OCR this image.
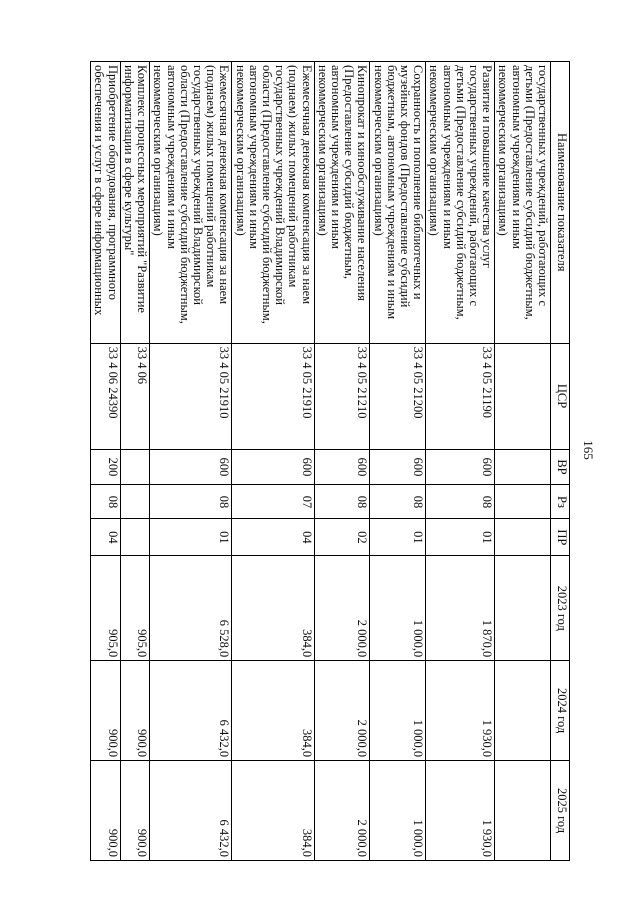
165
Наименование показателя	ЦСР	ВР	Рз	ПР	2023 год	2024 год	2025 год
государственных учреждений, работающих с детьми (Предоставление субсидий бюджетным, автономным учреждениям и иным некоммерческим организациям)							
Развитие и повышение качества услуг государственных учреждений, работающих с детьми (Предоставление субсидий бюджетным, автономным учреждениям и иным некоммерческим организациям)	33 4 05 21190	600	08	01	1 870,0	1 930,0	1 930,0
Сохранность и пополнение библиотечных и музейных фондов (Предоставление субсидий бюджетным, автономным учреждениям и иным некоммерческим организациям)	33 4 05 21200	600	08	01	1 000,0	1 000,0	1 000,0
Кинопрокат и кинообслуживание населения (Предоставление субсидий бюджетным, автономным учреждениям и иным некоммерческим организациям)	33 4 05 21210	600	08	02	2 000,0	2 000,0	2 000,0
Ежемесячная денежная компенсация за наем (поднаем) жилых помещений работникам государственных учреждений Владимирской области (Предоставление субсидий бюджетным, автономным учреждениям и иным некоммерческим организациям)	33 4 05 21910	600	07	04	384,0	384,0	384,0
Ежемесячная денежная компенсация за наем (поднаем) жилых помещений работникам государственных учреждений Владимирской области (Предоставление субсидий бюджетным, автономным учреждениям и иным некоммерческим организациям)	33 4 05 21910	600	08	01	6 528,0	6 432,0	6 432,0
Комплекс процессных мероприятий "Развитие информатизации в сфере культуры"	33 4 06				905,0	900,0	900,0
Приобретение оборудования, программного обеспечения и услуг в сфере информационных	33 4 06 24390	200	08	04	905,0	900,0	900,0
